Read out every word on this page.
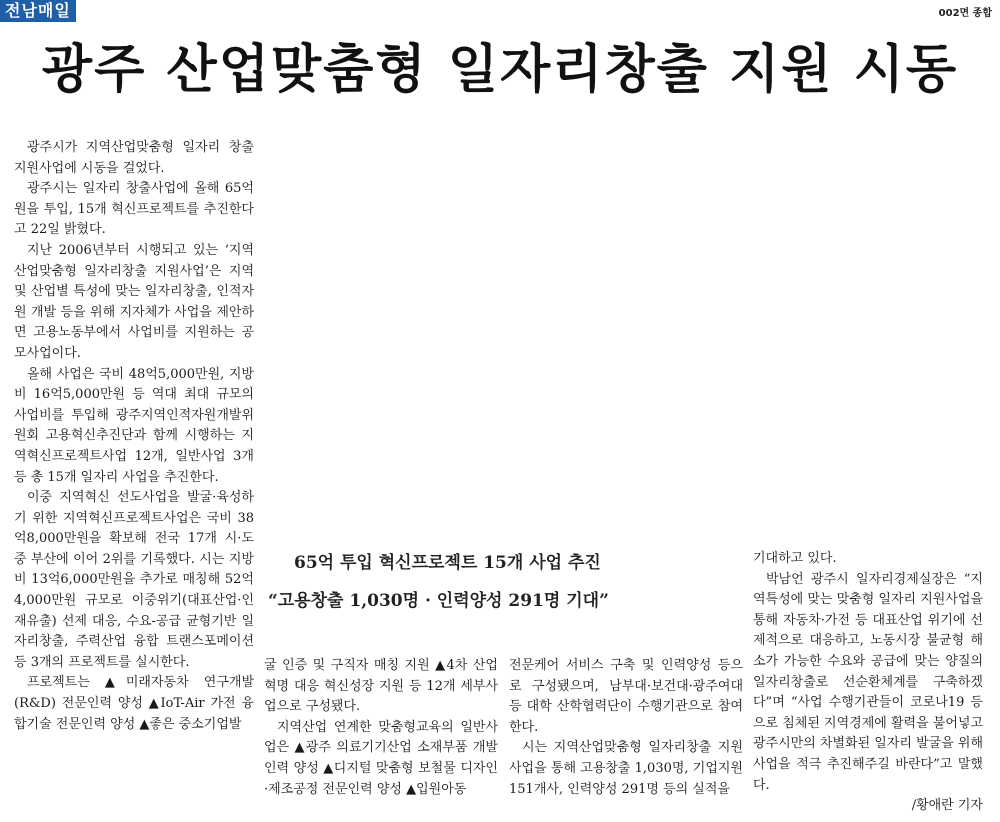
전남매일	002면 종합
광주 산업맞춤형 일자리창출 지원 시동

광주시가 지역산업맞춤형 일자리 창출 지원사업에 시동을 걸었다.

광주시는 일자리 창출사업에 올해 65억원을 투입, 15개 혁신프로젝트를 추진한다고 22일 밝혔다.

지난 2006년부터 시행되고 있는 ‘지역산업맞춤형 일자리창출 지원사업’은 지역 및 산업별 특성에 맞는 일자리창출, 인적자원 개발 등을 위해 지자체가 사업을 제안하면 고용노동부에서 사업비를 지원하는 공모사업이다.

올해 사업은 국비 48억5,000만원, 지방비 16억5,000만원 등 역대 최대 규모의 사업비를 투입해 광주지역인적자원개발위원회 고용혁신추진단과 함께 시행하는 지역혁신프로젝트사업 12개, 일반사업 3개 등 총 15개 일자리 사업을 추진한다.

이중 지역혁신 선도사업을 발굴·육성하기 위한 지역혁신프로젝트사업은 국비 38억8,000만원을 확보해 전국 17개 시·도 중 부산에 이어 2위를 기록했다. 시는 지방비 13억6,000만원을 추가로 매칭해 52억4,000만원 규모로 이중위기(대표산업·인재유출) 선제 대응, 수요-공급 균형기반 일자리창출, 주력산업 융합 트랜스포메이션 등 3개의 프로젝트를 실시한다.

프로젝트는 ▲미래자동차 연구개발(R&D) 전문인력 양성 ▲IoT-Air 가전 융합기술 전문인력 양성 ▲좋은 중소기업발

65억 투입 혁신프로젝트 15개 사업 추진
“고용창출 1,030명 · 인력양성 291명 기대”

굴 인증 및 구직자 매칭 지원 ▲4차 산업혁명 대응 혁신성장 지원 등 12개 세부사업으로 구성됐다.

지역산업 연계한 맞춤형교육의 일반사업은 ▲광주 의료기기산업 소재부품 개발 인력 양성 ▲디지털 맞춤형 보철물 디자인·제조공정 전문인력 양성 ▲입원아동

전문케어 서비스 구축 및 인력양성 등으로 구성됐으며, 남부대·보건대·광주여대 등 대학 산학협력단이 수행기관으로 참여한다.

시는 지역산업맞춤형 일자리창출 지원사업을 통해 고용창출 1,030명, 기업지원 151개사, 인력양성 291명 등의 실적을

기대하고 있다.

박남언 광주시 일자리경제실장은 “지역특성에 맞는 맞춤형 일자리 지원사업을 통해 자동차·가전 등 대표산업 위기에 선제적으로 대응하고, 노동시장 불균형 해소가 가능한 수요와 공급에 맞는 양질의 일자리창출로 선순환체계를 구축하겠다”며 “사업 수행기관들이 코로나19 등으로 침체된 지역경제에 활력을 불어넣고 광주시만의 차별화된 일자리 발굴을 위해 사업을 적극 추진해주길 바란다”고 말했다.

/황애란 기자
